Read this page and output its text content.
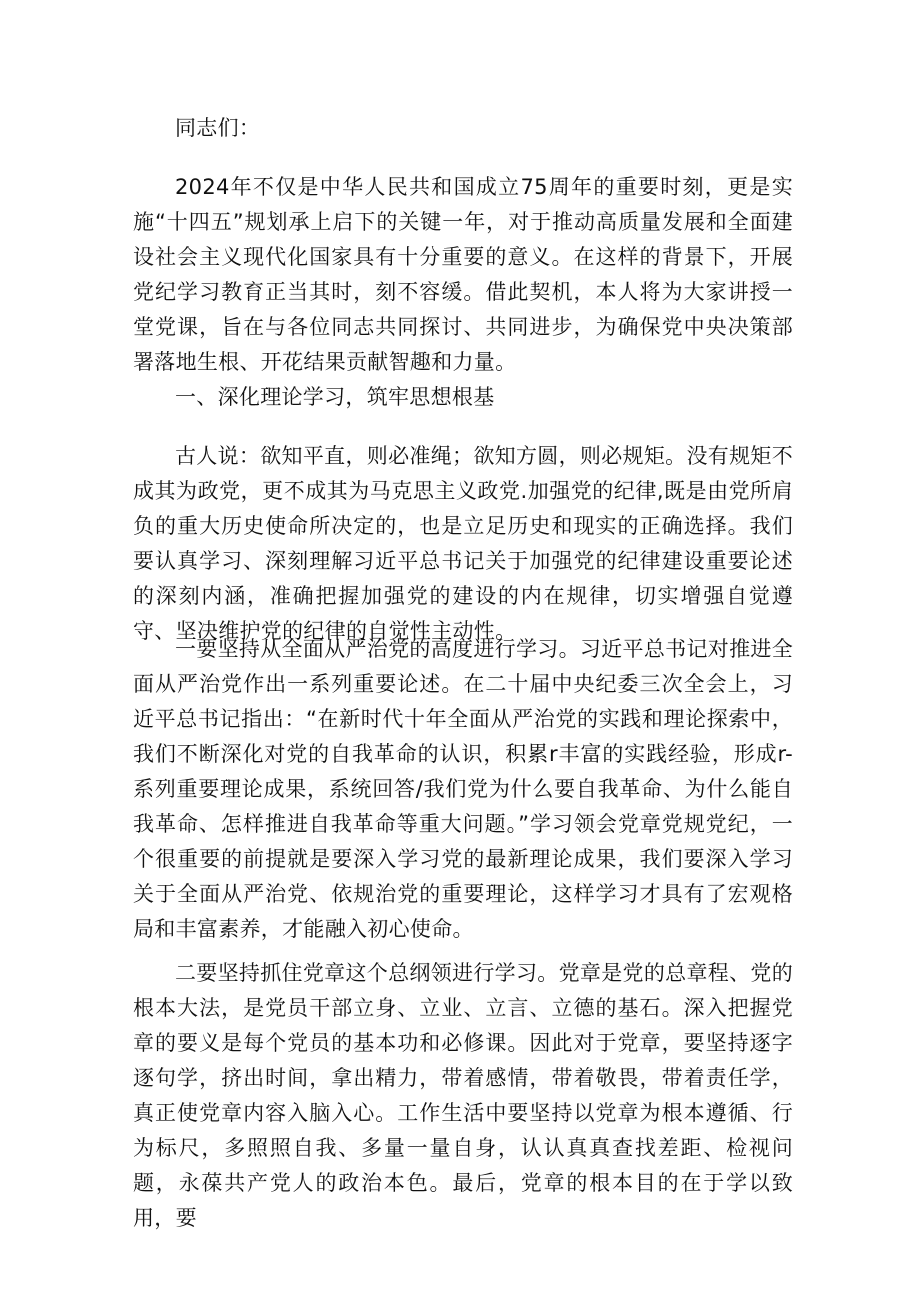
同志们：

2024年不仅是中华人民共和国成立75周年的重要时刻，更是实施“十四五”规划承上启下的关键一年，对于推动高质量发展和全面建设社会主义现代化国家具有十分重要的意义。在这样的背景下，开展党纪学习教育正当其时，刻不容缓。借此契机，本人将为大家讲授一堂党课，旨在与各位同志共同探讨、共同进步，为确保党中央决策部署落地生根、开花结果贡献智趣和力量。

一、深化理论学习，筑牢思想根基

古人说：欲知平直，则必准绳；欲知方圆，则必规矩。没有规矩不成其为政党，更不成其为马克思主义政党.加强党的纪律,既是由党所肩负的重大历史使命所决定的，也是立足历史和现实的正确选择。我们要认真学习、深刻理解习近平总书记关于加强党的纪律建设重要论述的深刻内涵，准确把握加强党的建设的内在规律，切实增强自觉遵守、坚决维护党的纪律的自觉性主动性。

一要坚持从全面从严治党的高度进行学习。习近平总书记对推进全面从严治党作出一系列重要论述。在二十届中央纪委三次全会上，习近平总书记指出：“在新时代十年全面从严治党的实践和理论探索中，我们不断深化对党的自我革命的认识，积累r丰富的实践经验，形成r-系列重要理论成果，系统回答/我们党为什么要自我革命、为什么能自我革命、怎样推进自我革命等重大问题。”学习领会党章党规党纪，一个很重要的前提就是要深入学习党的最新理论成果，我们要深入学习关于全面从严治党、依规治党的重要理论，这样学习才具有了宏观格局和丰富素养，才能融入初心使命。

二要坚持抓住党章这个总纲领进行学习。党章是党的总章程、党的根本大法，是党员干部立身、立业、立言、立德的基石。深入把握党章的要义是每个党员的基本功和必修课。因此对于党章，要坚持逐字逐句学，挤出时间，拿出精力，带着感情，带着敬畏，带着责任学，真正使党章内容入脑入心。工作生活中要坚持以党章为根本遵循、行为标尺，多照照自我、多量一量自身，认认真真查找差距、检视问题，永葆共产党人的政治本色。最后，党章的根本目的在于学以致用，要
